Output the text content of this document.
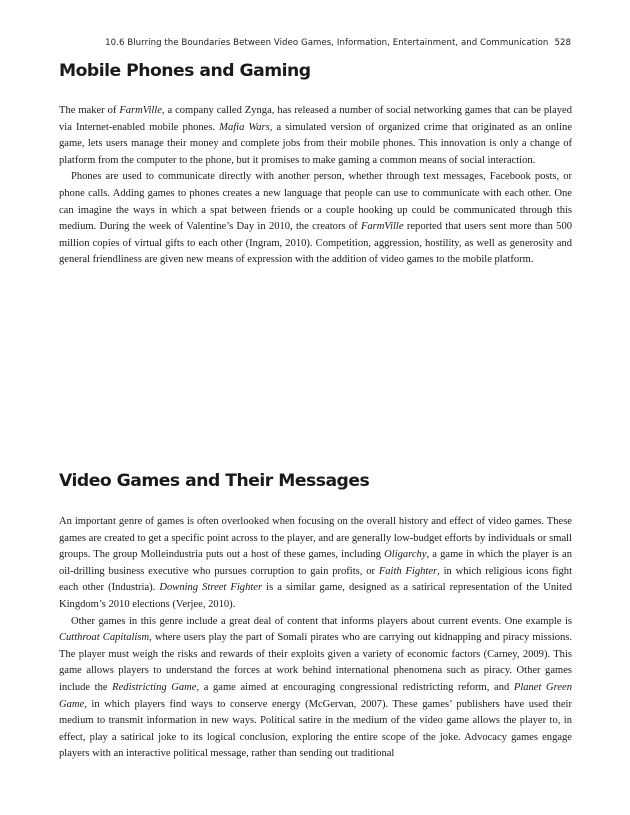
10.6 Blurring the Boundaries Between Video Games, Information, Entertainment, and Communication 528
Mobile Phones and Gaming

The maker of FarmVille, a company called Zynga, has released a number of social networking games that can be played via Internet-enabled mobile phones. Mafia Wars, a simulated version of organized crime that originated as an online game, lets users manage their money and complete jobs from their mobile phones. This innovation is only a change of platform from the computer to the phone, but it promises to make gaming a common means of social interaction.

Phones are used to communicate directly with another person, whether through text messages, Facebook posts, or phone calls. Adding games to phones creates a new language that people can use to communicate with each other. One can imagine the ways in which a spat between friends or a couple hooking up could be communicated through this medium. During the week of Valentine’s Day in 2010, the creators of FarmVille reported that users sent more than 500 million copies of virtual gifts to each other (Ingram, 2010). Competition, aggression, hostility, as well as generosity and general friendliness are given new means of expression with the addition of video games to the mobile platform.

Video Games and Their Messages

An important genre of games is often overlooked when focusing on the overall history and effect of video games. These games are created to get a specific point across to the player, and are generally low-budget efforts by individuals or small groups. The group Molleindustria puts out a host of these games, including Oligarchy, a game in which the player is an oil-drilling business executive who pursues corruption to gain profits, or Faith Fighter, in which religious icons fight each other (Industria). Downing Street Fighter is a similar game, designed as a satirical representation of the United Kingdom’s 2010 elections (Verjee, 2010).

Other games in this genre include a great deal of content that informs players about current events. One example is Cutthroat Capitalism, where users play the part of Somali pirates who are carrying out kidnapping and piracy missions. The player must weigh the risks and rewards of their exploits given a variety of economic factors (Carney, 2009). This game allows players to understand the forces at work behind international phenomena such as piracy. Other games include the Redistricting Game, a game aimed at encouraging congressional redistricting reform, and Planet Green Game, in which players find ways to conserve energy (McGervan, 2007). These games’ publishers have used their medium to transmit information in new ways. Political satire in the medium of the video game allows the player to, in effect, play a satirical joke to its logical conclusion, exploring the entire scope of the joke. Advocacy games engage players with an interactive political message, rather than sending out traditional
